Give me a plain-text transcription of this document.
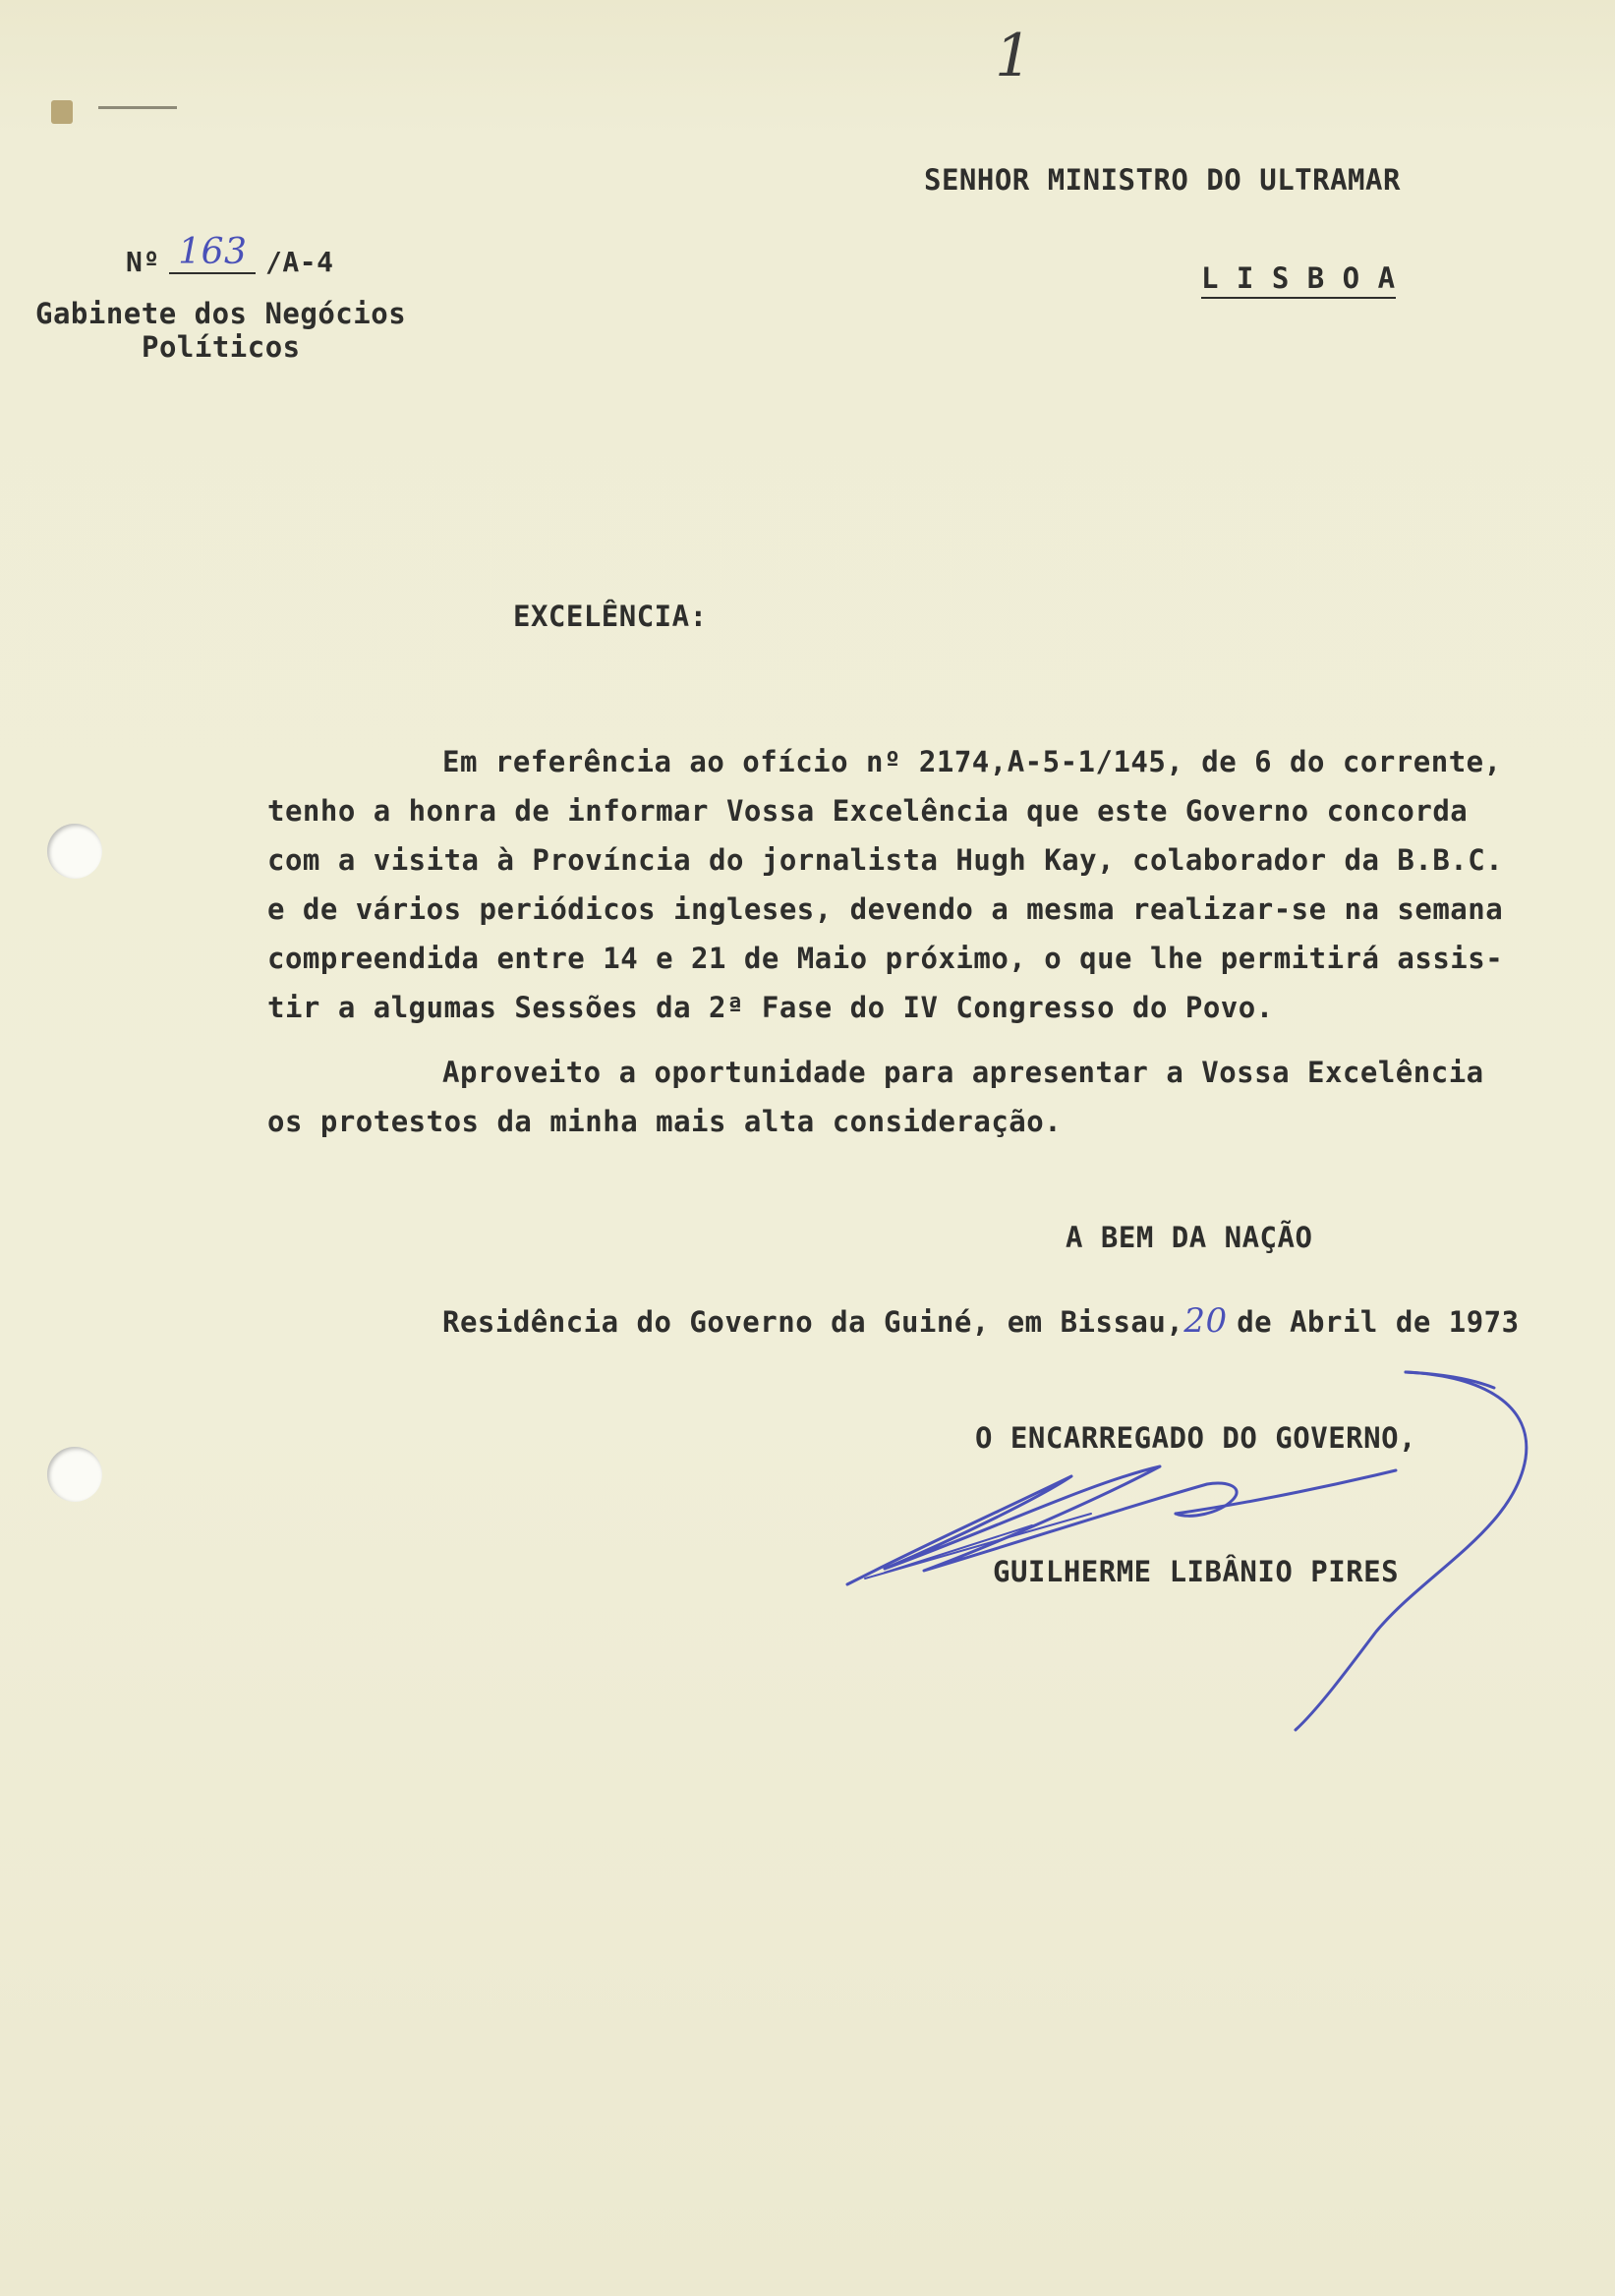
1
SENHOR MINISTRO DO ULTRAMAR
L I S B O A
Nº 163 /A-4
Gabinete dos Negócios
Políticos
EXCELÊNCIA:
Em referência ao ofício nº 2174,A-5-1/145, de 6 do corrente,
tenho a honra de informar Vossa Excelência que este Governo concorda
com a visita à Província do jornalista Hugh Kay, colaborador da B.B.C.
e de vários periódicos ingleses, devendo a mesma realizar-se na semana
compreendida entre 14 e 21 de Maio próximo, o que lhe permitirá assis-
tir a algumas Sessões da 2ª Fase do IV Congresso do Povo.
Aproveito a oportunidade para apresentar a Vossa Excelência
os protestos da minha mais alta consideração.
A BEM DA NAÇÃO
Residência do Governo da Guiné, em Bissau,20 de Abril de 1973
O ENCARREGADO DO GOVERNO,
GUILHERME LIBÂNIO PIRES
